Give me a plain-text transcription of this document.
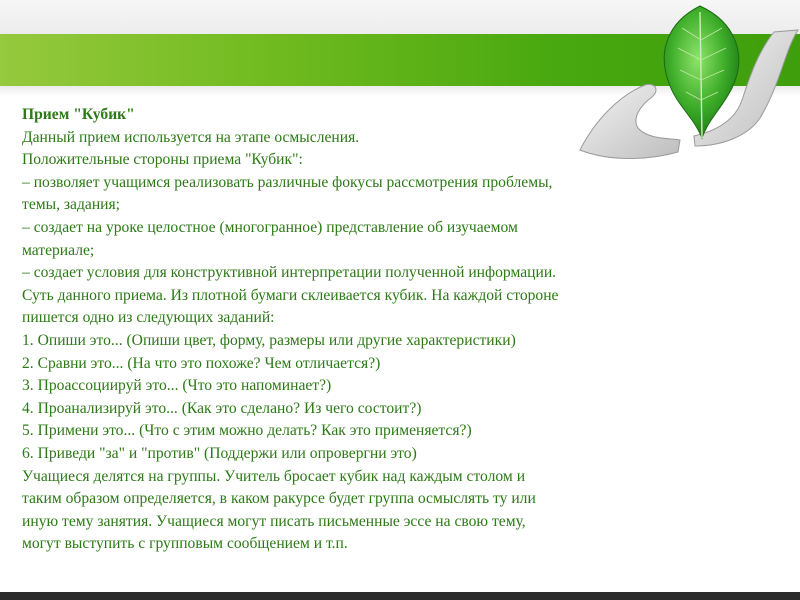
Прием "Кубик"
Данный прием используется на этапе осмысления.
Положительные стороны приема "Кубик":
– позволяет учащимся реализовать различные фокусы рассмотрения проблемы,
темы, задания;
– создает на уроке целостное (многогранное) представление об изучаемом
материале;
– создает условия для конструктивной интерпретации полученной информации.
Суть данного приема. Из плотной бумаги склеивается кубик. На каждой стороне
пишется одно из следующих заданий:
1. Опиши это... (Опиши цвет, форму, размеры или другие характеристики)
2. Сравни это... (На что это похоже? Чем отличается?)
3. Проассоциируй это... (Что это напоминает?)
4. Проанализируй это... (Как это сделано? Из чего состоит?)
5. Примени это... (Что с этим можно делать? Как это применяется?)
6. Приведи "за" и "против" (Поддержи или опровергни это)
Учащиеся делятся на группы. Учитель бросает кубик над каждым столом и
таким образом определяется, в каком ракурсе будет группа осмыслять ту или
иную тему занятия. Учащиеся могут писать письменные эссе на свою тему,
могут выступить с групповым сообщением и т.п.
